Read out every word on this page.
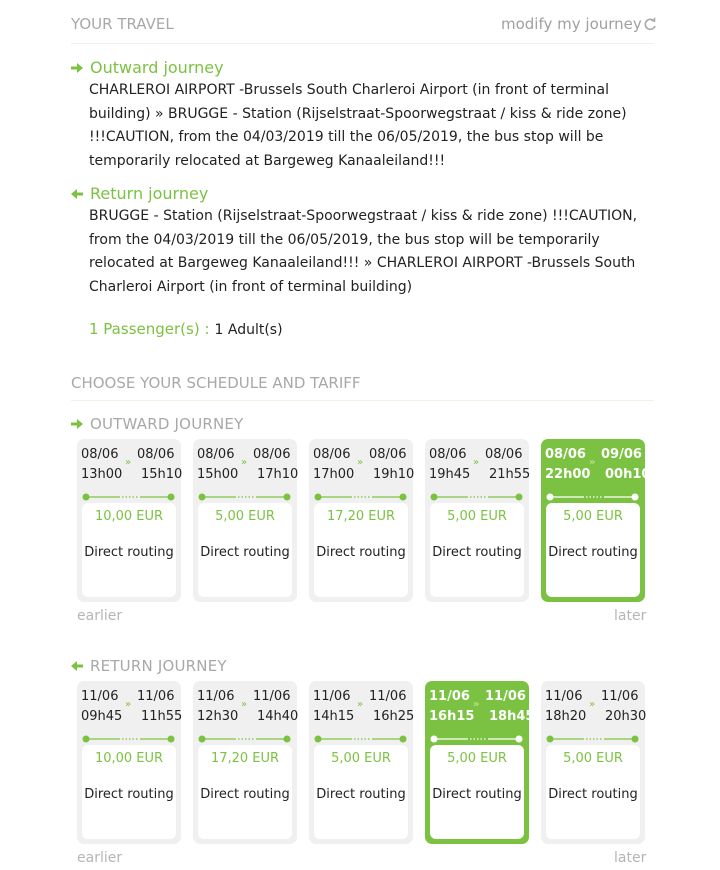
YOUR TRAVEL	modify my journey
Outward journey
CHARLEROI AIRPORT -Brussels South Charleroi Airport (in front of terminal
building) » BRUGGE - Station (Rijselstraat-Spoorwegstraat / kiss & ride zone)
!!!CAUTION, from the 04/03/2019 till the 06/05/2019, the bus stop will be
temporarily relocated at Bargeweg Kanaaleiland!!!
Return journey
BRUGGE - Station (Rijselstraat-Spoorwegstraat / kiss & ride zone) !!!CAUTION,
from the 04/03/2019 till the 06/05/2019, the bus stop will be temporarily
relocated at Bargeweg Kanaaleiland!!! » CHARLEROI AIRPORT -Brussels South
Charleroi Airport (in front of terminal building)
1 Passenger(s) : 1 Adult(s)
CHOOSE YOUR SCHEDULE AND TARIFF
OUTWARD JOURNEY
08/06
13h00
»
08/06
15h10
10,00 EUR
Direct routing
08/06
15h00
»
08/06
17h10
5,00 EUR
Direct routing
08/06
17h00
»
08/06
19h10
17,20 EUR
Direct routing
08/06
19h45
»
08/06
21h55
5,00 EUR
Direct routing
08/06
22h00
»
09/06
00h10
5,00 EUR
Direct routing
earlier	later
RETURN JOURNEY
11/06
09h45
»
11/06
11h55
10,00 EUR
Direct routing
11/06
12h30
»
11/06
14h40
17,20 EUR
Direct routing
11/06
14h15
»
11/06
16h25
5,00 EUR
Direct routing
11/06
16h15
»
11/06
18h45
5,00 EUR
Direct routing
11/06
18h20
»
11/06
20h30
5,00 EUR
Direct routing
earlier	later
